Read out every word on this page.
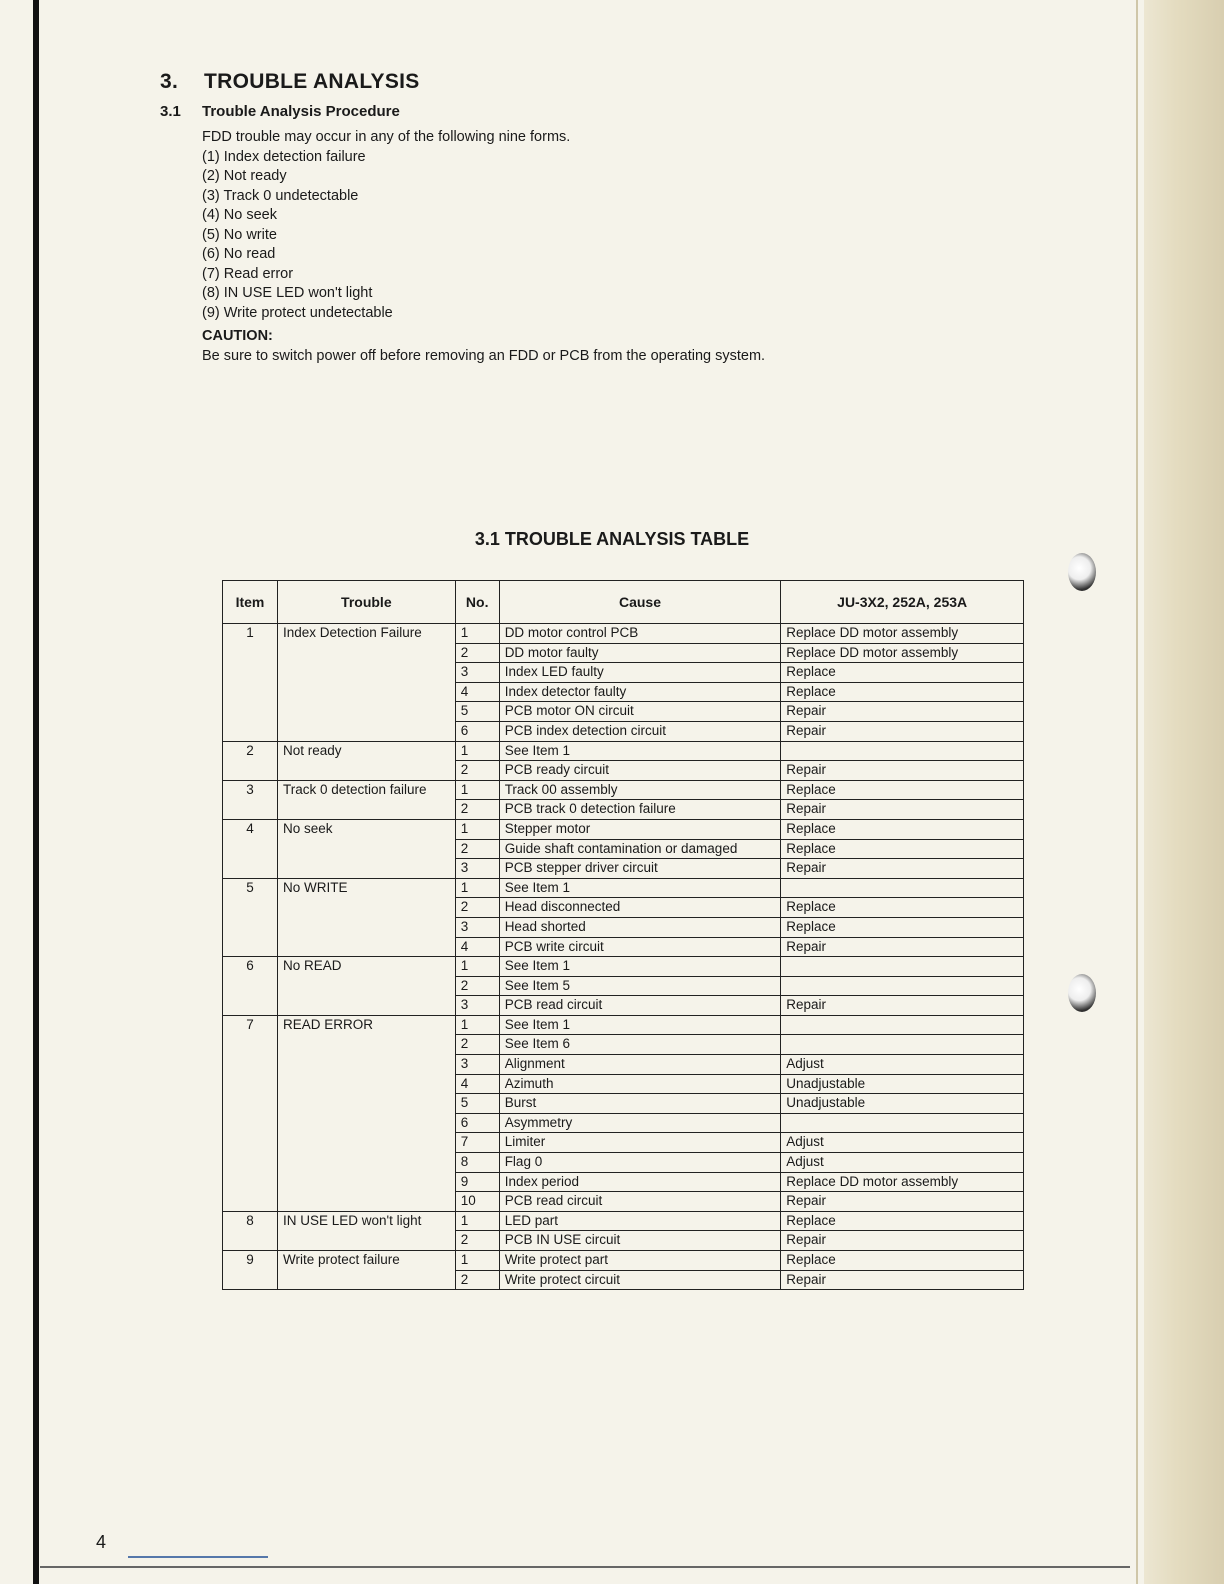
3. TROUBLE ANALYSIS
3.1 Trouble Analysis Procedure
FDD trouble may occur in any of the following nine forms.
(1) Index detection failure
(2) Not ready
(3) Track 0 undetectable
(4) No seek
(5) No write
(6) No read
(7) Read error
(8) IN USE LED won't light
(9) Write protect undetectable
CAUTION:
Be sure to switch power off before removing an FDD or PCB from the operating system.
3.1 TROUBLE ANALYSIS TABLE
Item	Trouble	No.	Cause	JU-3X2, 252A, 253A
1	Index Detection Failure	1	DD motor control PCB	Replace DD motor assembly
		2	DD motor faulty	Replace DD motor assembly
		3	Index LED faulty	Replace
		4	Index detector faulty	Replace
		5	PCB motor ON circuit	Repair
		6	PCB index detection circuit	Repair
2	Not ready	1	See Item 1	
		2	PCB ready circuit	Repair
3	Track 0 detection failure	1	Track 00 assembly	Replace
		2	PCB track 0 detection failure	Repair
4	No seek	1	Stepper motor	Replace
		2	Guide shaft contamination or damaged	Replace
		3	PCB stepper driver circuit	Repair
5	No WRITE	1	See Item 1	
		2	Head disconnected	Replace
		3	Head shorted	Replace
		4	PCB write circuit	Repair
6	No READ	1	See Item 1	
		2	See Item 5	
		3	PCB read circuit	Repair
7	READ ERROR	1	See Item 1	
		2	See Item 6	
		3	Alignment	Adjust
		4	Azimuth	Unadjustable
		5	Burst	Unadjustable
		6	Asymmetry	
		7	Limiter	Adjust
		8	Flag 0	Adjust
		9	Index period	Replace DD motor assembly
		10	PCB read circuit	Repair
8	IN USE LED won't light	1	LED part	Replace
		2	PCB IN USE circuit	Repair
9	Write protect failure	1	Write protect part	Replace
		2	Write protect circuit	Repair
4
